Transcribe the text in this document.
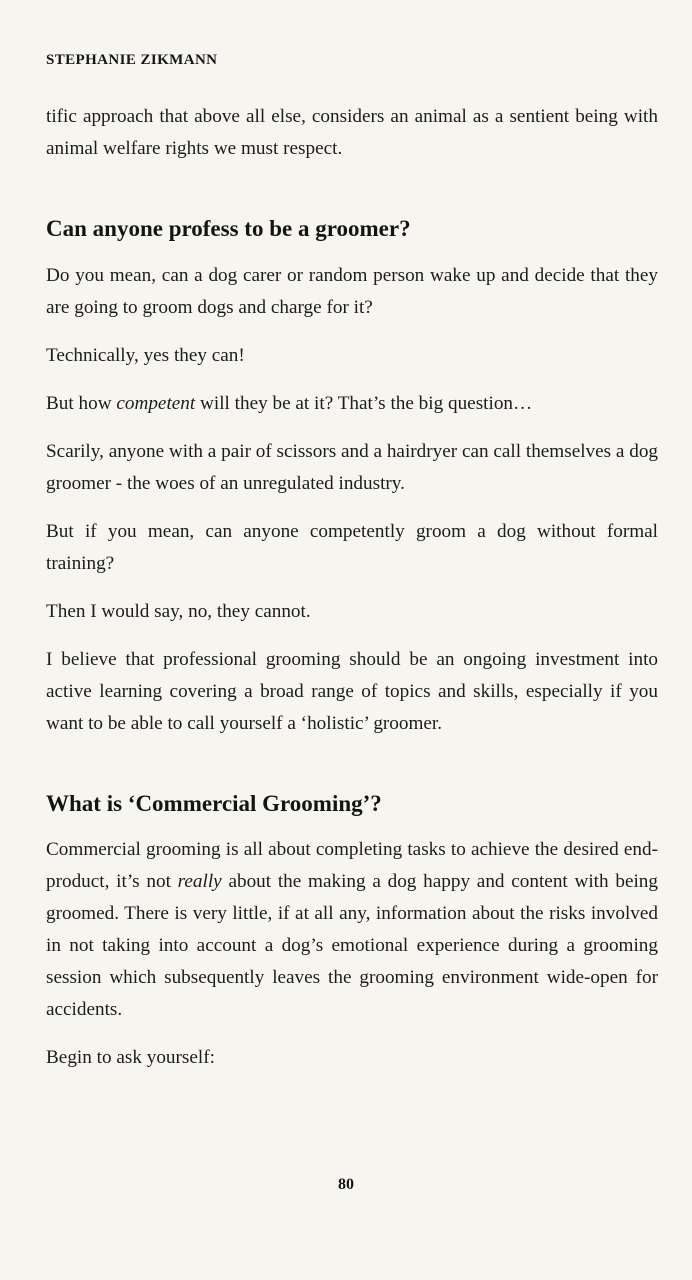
STEPHANIE ZIKMANN

tific approach that above all else, considers an animal as a sentient being with animal welfare rights we must respect.

Can anyone profess to be a groomer?

Do you mean, can a dog carer or random person wake up and decide that they are going to groom dogs and charge for it?

Technically, yes they can!

But how competent will they be at it? That’s the big question…

Scarily, anyone with a pair of scissors and a hairdryer can call themselves a dog groomer - the woes of an unregulated industry.

But if you mean, can anyone competently groom a dog without formal training?

Then I would say, no, they cannot.

I believe that professional grooming should be an ongoing investment into active learning covering a broad range of topics and skills, especially if you want to be able to call yourself a ‘holistic’ groomer.

What is ‘Commercial Grooming’?

Commercial grooming is all about completing tasks to achieve the desired end-product, it’s not really about the making a dog happy and content with being groomed. There is very little, if at all any, information about the risks involved in not taking into account a dog’s emotional experience during a grooming session which subsequently leaves the grooming environment wide-open for accidents.

Begin to ask yourself:

80
